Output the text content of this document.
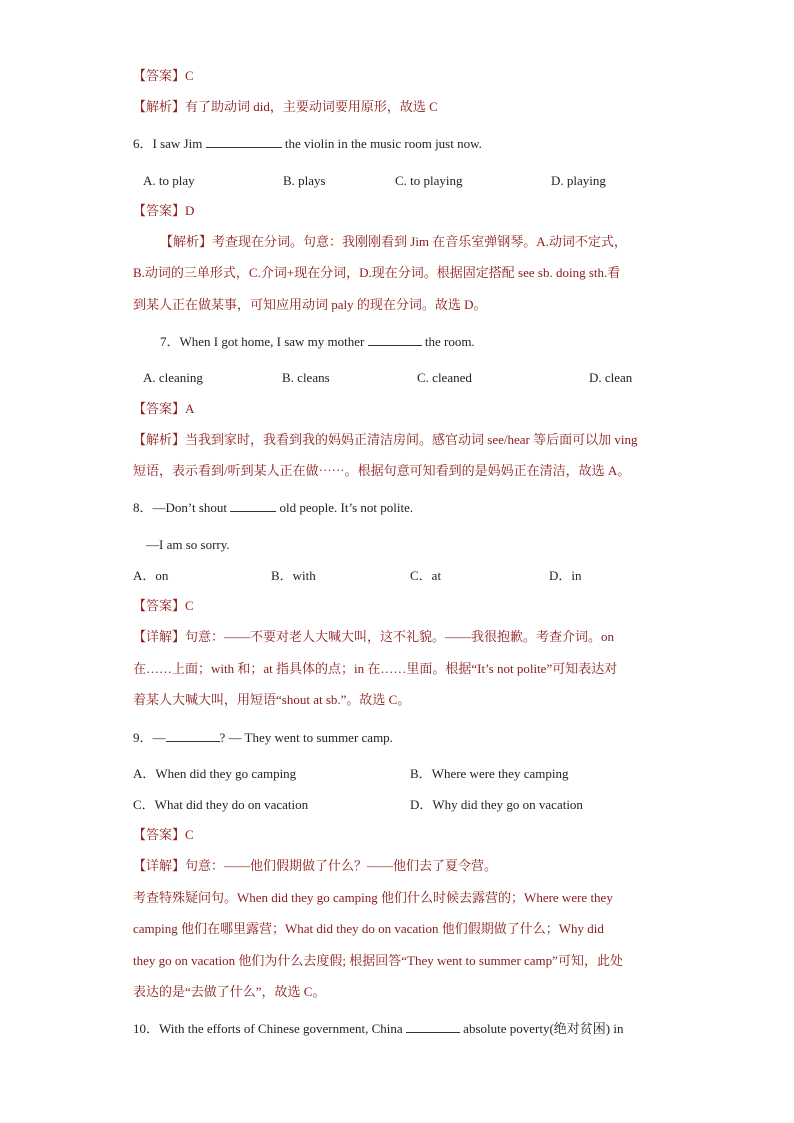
【答案】C
【解析】有了助动词 did，主要动词要用原形，故选 C
6．I saw Jim	the violin in the music room just now.
A. to play	B. plays	C. to playing	D. playing
【答案】D
【解析】考查现在分词。句意：我刚刚看到 Jim 在音乐室弹钢琴。A.动词不定式，
B.动词的三单形式，C.介词+现在分词，D.现在分词。根据固定搭配 see sb. doing sth.看
到某人正在做某事，可知应用动词 paly 的现在分词。故选 D。
7．When I got home, I saw my mother	the room.
A. cleaning	B. cleans	C. cleaned	D. clean
【答案】A
【解析】当我到家时，我看到我的妈妈正清洁房间。感官动词 see/hear 等后面可以加 ving
短语，表示看到/听到某人正在做⋯⋯。根据句意可知看到的是妈妈正在清洁，故选 A。
8．—Don’t shout	old people. It’s not polite.
—I am so sorry.
A．on	B．with	C．at	D．in
【答案】C
【详解】句意：——不要对老人大喊大叫，这不礼貌。——我很抱歉。考查介词。on
在……上面；with 和；at 指具体的点；in 在……里面。根据“It’s not polite”可知表达对
着某人大喊大叫，用短语“shout at sb.”。故选 C。
9．—	? — They went to summer camp.
A．When did they go camping	B．Where were they camping
C．What did they do on vacation	D．Why did they go on vacation
【答案】C
【详解】句意：——他们假期做了什么？——他们去了夏令营。
考查特殊疑问句。When did they go camping 他们什么时候去露营的；Where were they
camping 他们在哪里露营；What did they do on vacation 他们假期做了什么；Why did
they go on vacation 他们为什么去度假; 根据回答“They went to summer camp”可知，此处
表达的是“去做了什么”，故选 C。
10．With the efforts of Chinese government, China	absolute poverty(绝对贫困) in
